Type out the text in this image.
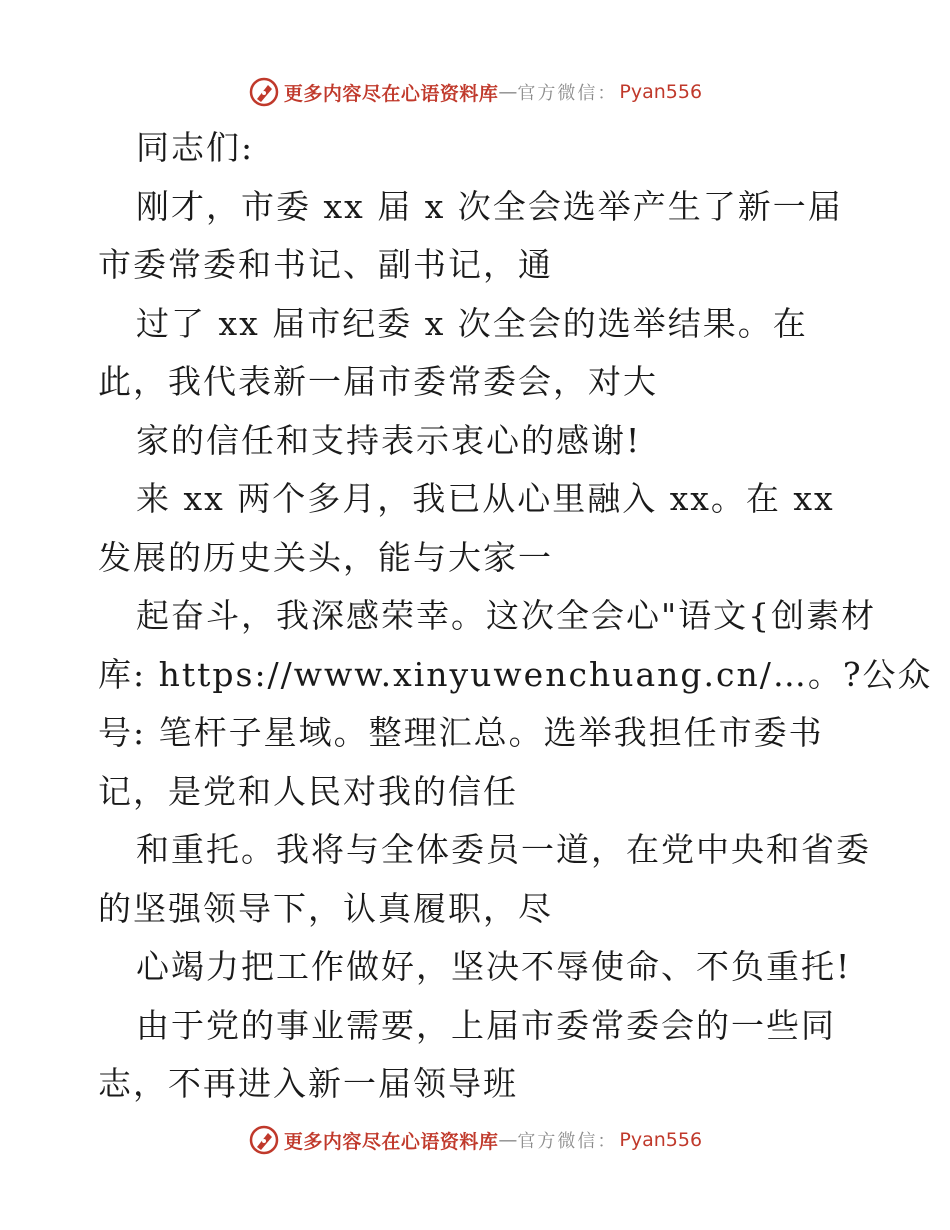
更多内容尽在心语资料库 — 官方微信： Pyan556
同志们:
刚才，市委 xx 届 x 次全会选举产生了新一届
市委常委和书记、副书记，通
过了 xx 届市纪委 x 次全会的选举结果。在
此，我代表新一届市委常委会，对大
家的信任和支持表示衷心的感谢!
来 xx 两个多月，我已从心里融入 xx。在 xx
发展的历史关头，能与大家一
起奋斗，我深感荣幸。这次全会心"语文{创素材
库: https://www.xinyuwenchuang.cn/…。?公众
号: 笔杆子星域。整理汇总。选举我担任市委书
记，是党和人民对我的信任
和重托。我将与全体委员一道，在党中央和省委
的坚强领导下，认真履职，尽
心竭力把工作做好，坚决不辱使命、不负重托!
由于党的事业需要，上届市委常委会的一些同
志，不再进入新一届领导班
更多内容尽在心语资料库 — 官方微信： Pyan556
